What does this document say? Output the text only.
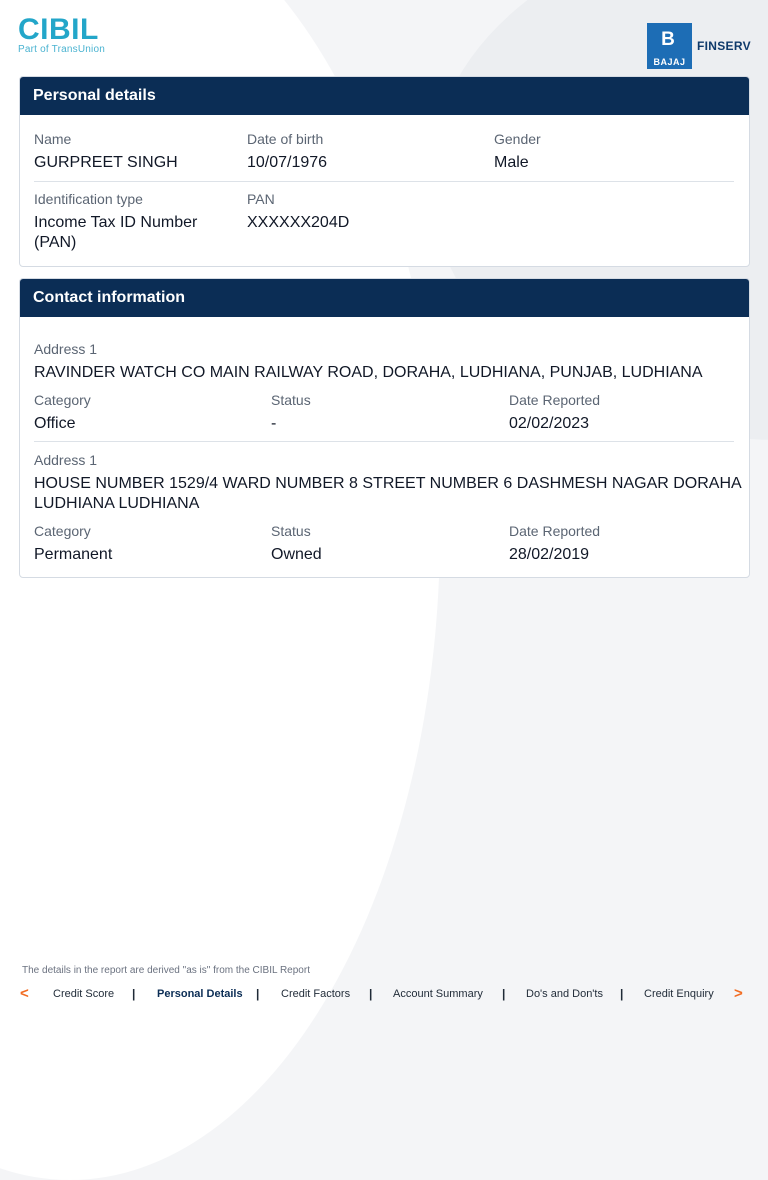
CIBIL
Part of TransUnion	B
BAJAJ
FINSERV
Personal details
Name
GURPREET SINGH
Date of birth
10/07/1976
Gender
Male
Identification type
Income Tax ID Number
(PAN)
PAN
XXXXXX204D
Contact information
Address 1
RAVINDER WATCH CO MAIN RAILWAY ROAD, DORAHA, LUDHIANA, PUNJAB, LUDHIANA
Category
Office
Status
-
Date Reported
02/02/2023
Address 1
HOUSE NUMBER 1529/4 WARD NUMBER 8 STREET NUMBER 6 DASHMESH NAGAR DORAHA
LUDHIANA LUDHIANA
Category
Permanent
Status
Owned
Date Reported
28/02/2019
The details in the report are derived "as is" from the CIBIL Report
< Credit Score | Personal Details | Credit Factors | Account Summary | Do's and Don'ts | Credit Enquiry >
